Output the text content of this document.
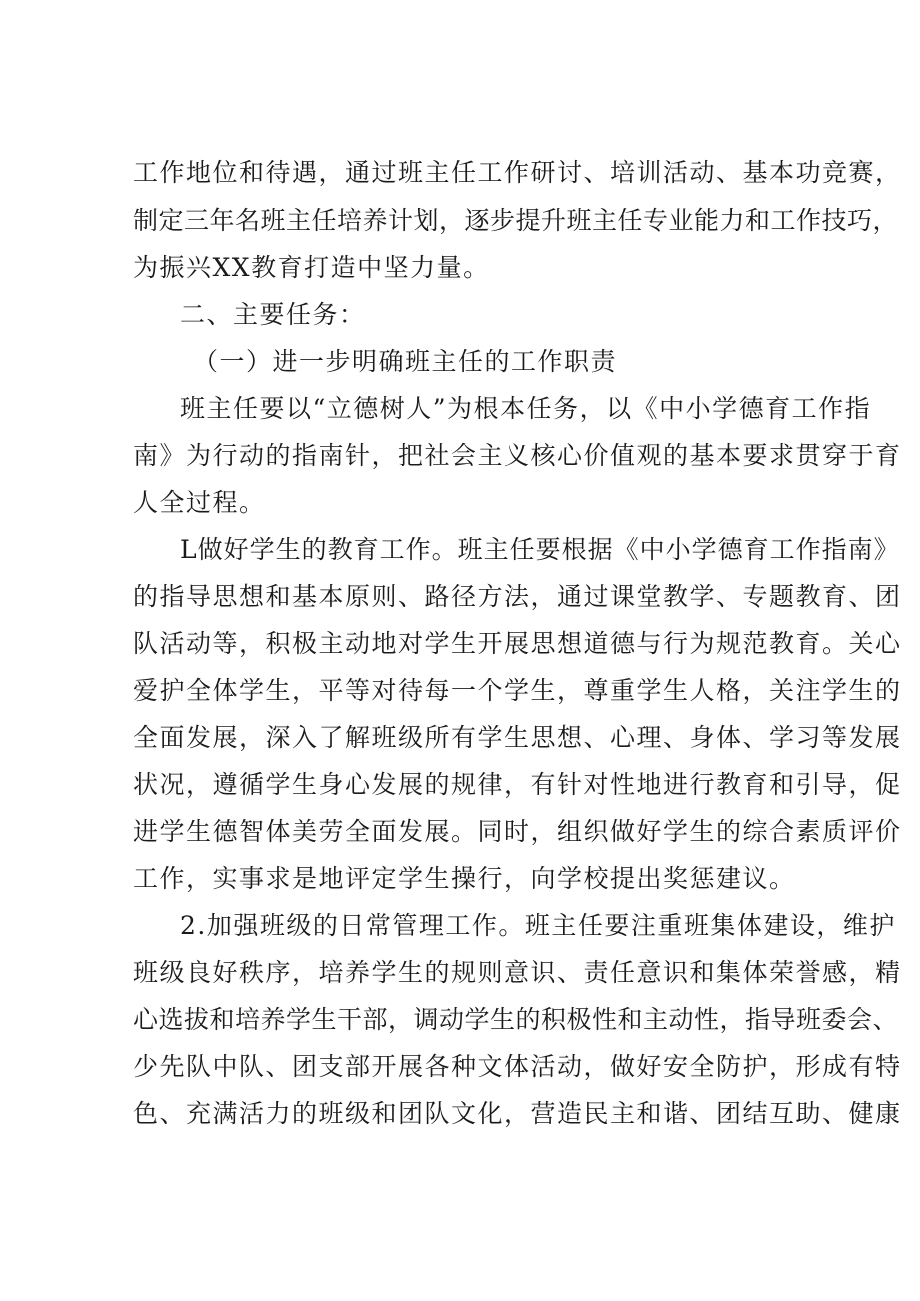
工作地位和待遇，通过班主任工作研讨、培训活动、基本功竞赛，
制定三年名班主任培养计划，逐步提升班主任专业能力和工作技巧，
为振兴XX教育打造中坚力量。
二、主要任务：
（一）进一步明确班主任的工作职责
班主任要以“立德树人”为根本任务，以《中小学德育工作指
南》为行动的指南针，把社会主义核心价值观的基本要求贯穿于育
人全过程。
L做好学生的教育工作。班主任要根据《中小学德育工作指南》
的指导思想和基本原则、路径方法，通过课堂教学、专题教育、团
队活动等，积极主动地对学生开展思想道德与行为规范教育。关心
爱护全体学生，平等对待每一个学生，尊重学生人格，关注学生的
全面发展，深入了解班级所有学生思想、心理、身体、学习等发展
状况，遵循学生身心发展的规律，有针对性地进行教育和引导，促
进学生德智体美劳全面发展。同时，组织做好学生的综合素质评价
工作，实事求是地评定学生操行，向学校提出奖惩建议。
2.加强班级的日常管理工作。班主任要注重班集体建设，维护
班级良好秩序，培养学生的规则意识、责任意识和集体荣誉感，精
心选拔和培养学生干部，调动学生的积极性和主动性，指导班委会、
少先队中队、团支部开展各种文体活动，做好安全防护，形成有特
色、充满活力的班级和团队文化，营造民主和谐、团结互助、健康
